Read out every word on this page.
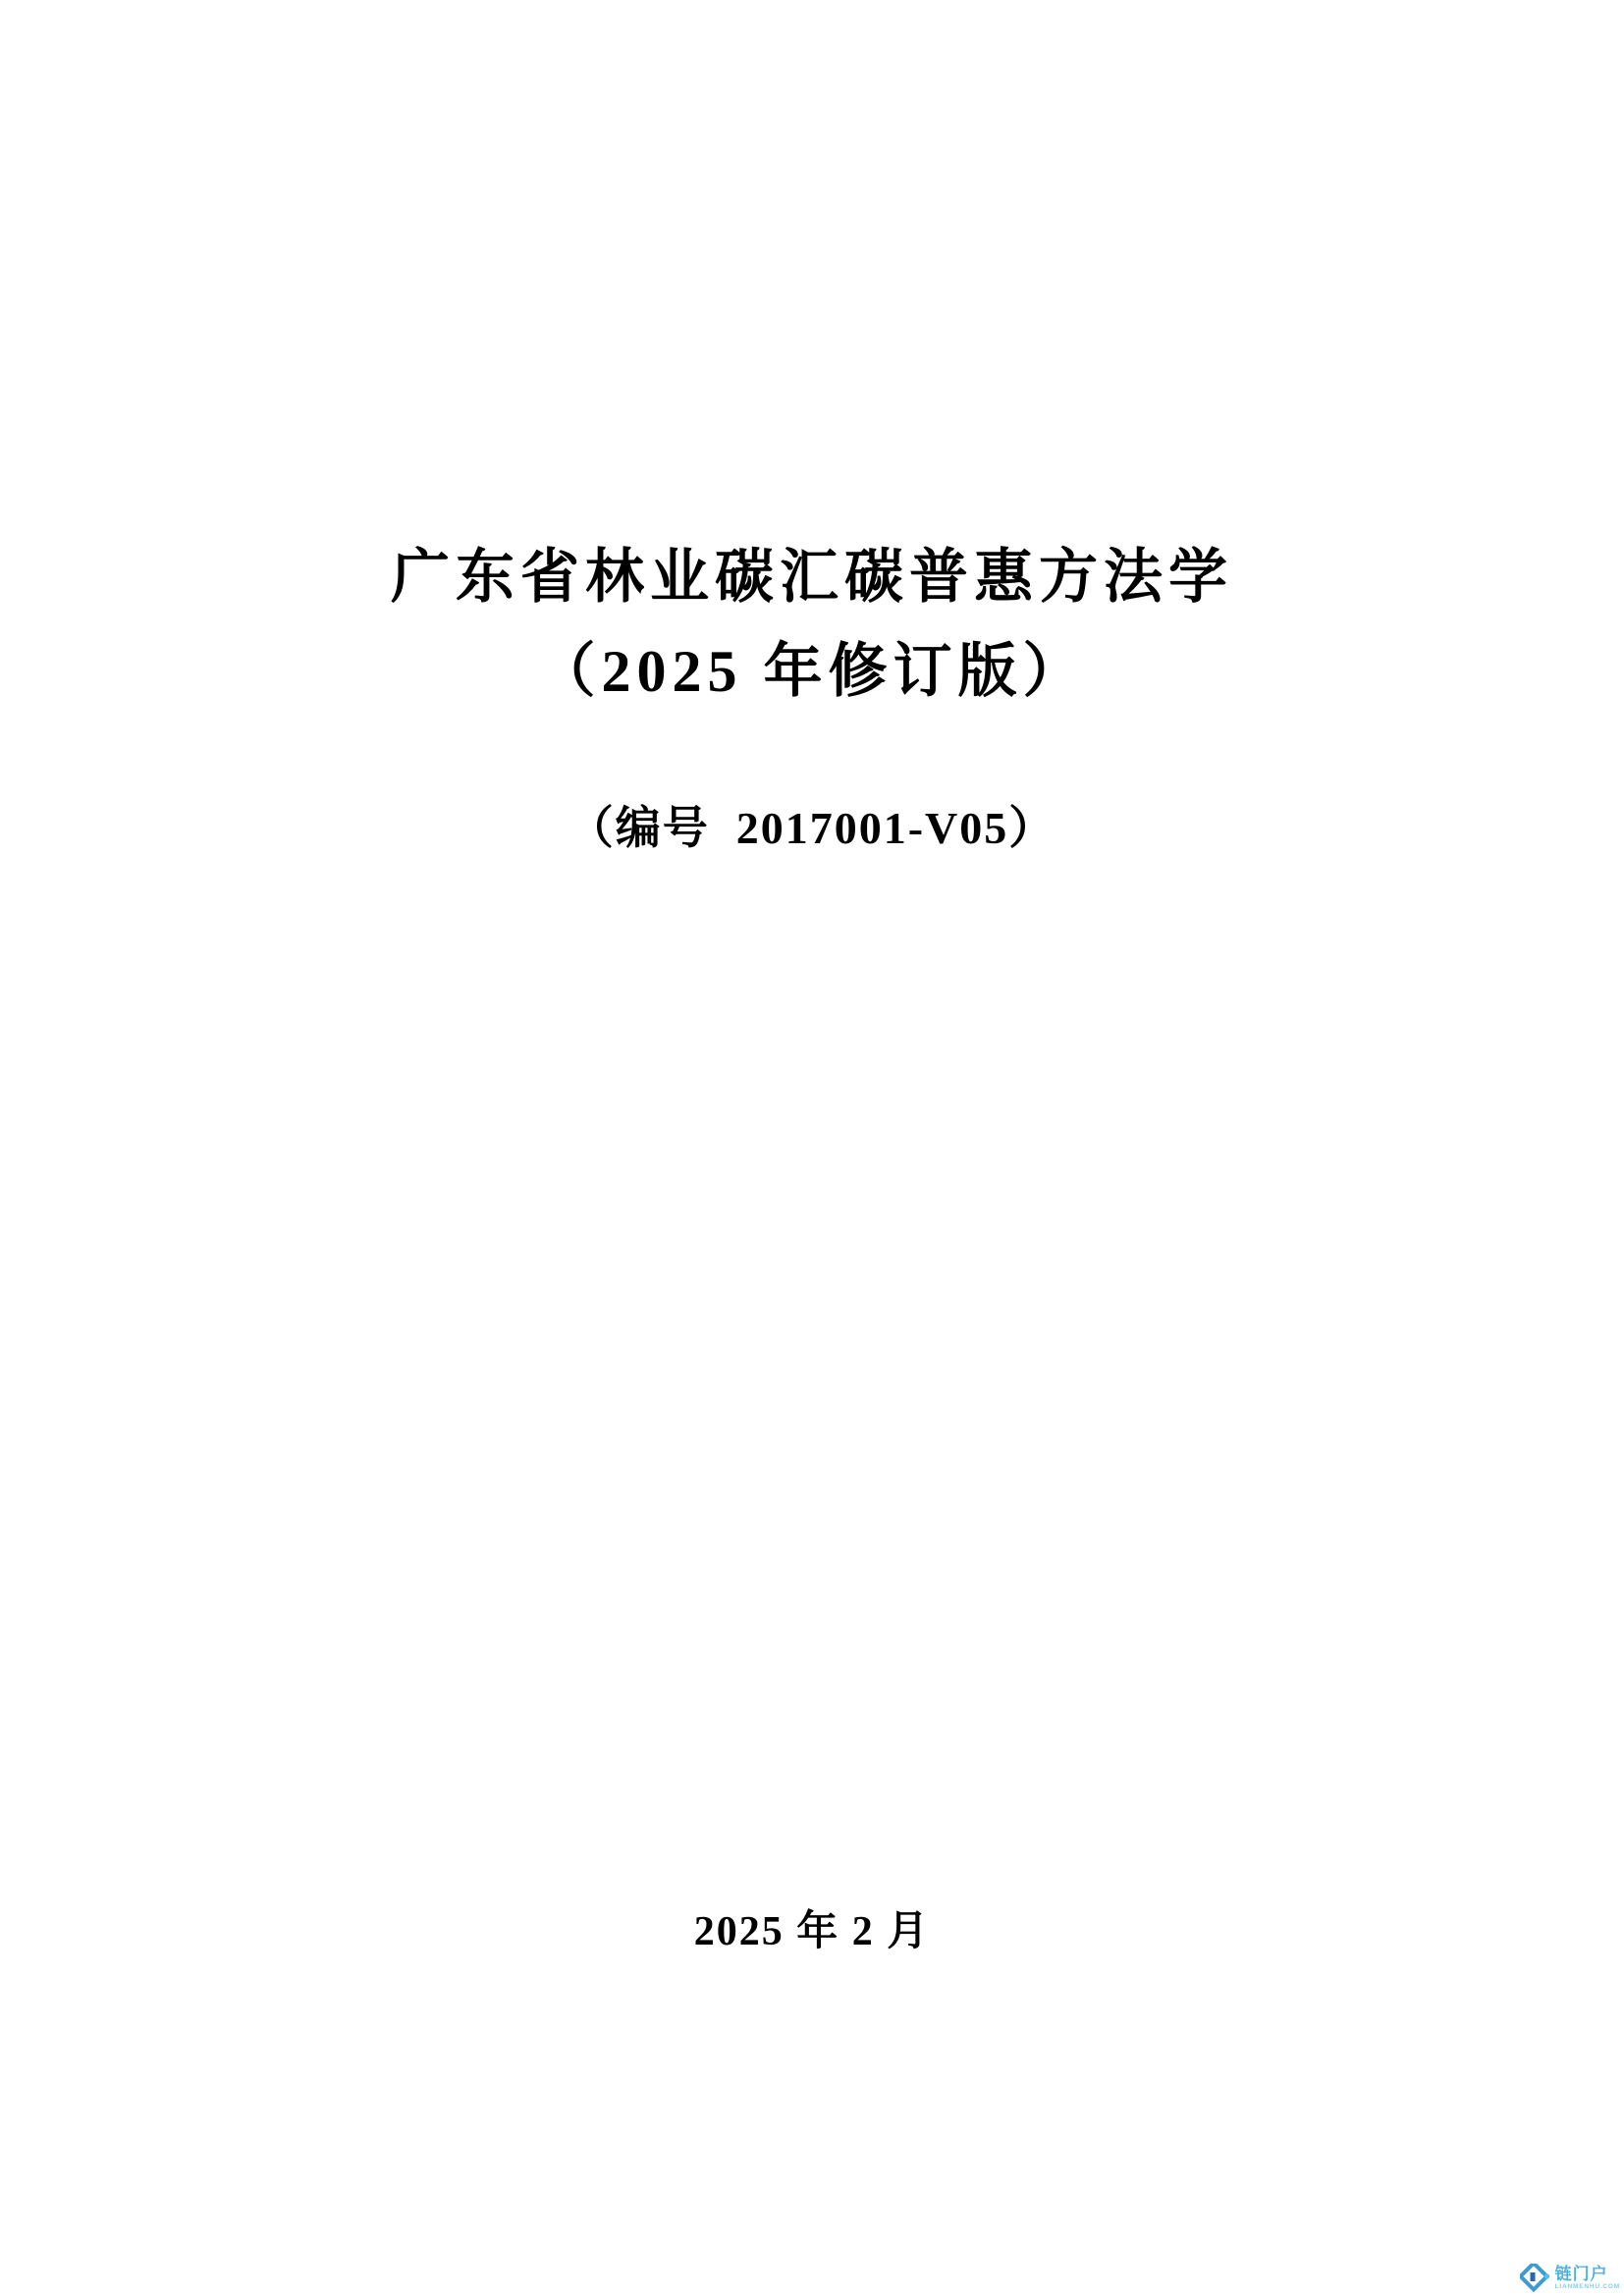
广东省林业碳汇碳普惠方法学
（2025 年修订版）
（编号  2017001-V05）
2025 年 2 月
链门户
LIANMENHU.COM
